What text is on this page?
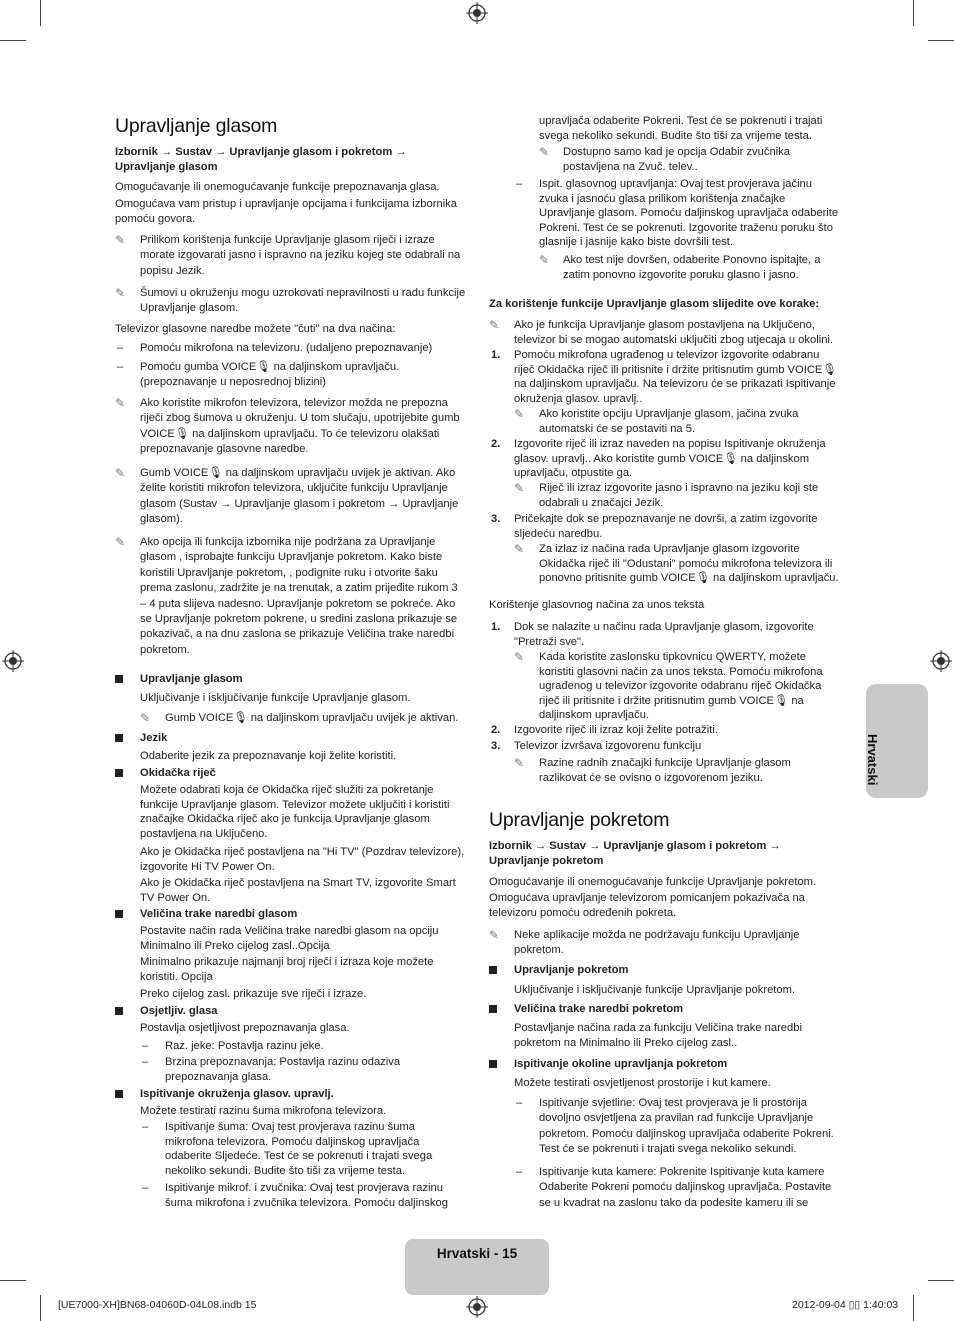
Upravljanje glasom
Izbornik → Sustav → Upravljanje glasom i pokretom → Upravljanje glasom
Omogućavanje ili onemogućavanje funkcije prepoznavanja glasa.
Omogućava vam pristup i upravljanje opcijama i funkcijama izbornika pomoću govora.
✎	Prilikom korištenja funkcije Upravljanje glasom riječi i izraze morate izgovarati jasno i ispravno na jeziku kojeg ste odabrali na popisu Jezik.
✎	Šumovi u okruženju mogu uzrokovati nepravilnosti u radu funkcije Upravljanje glasom.
Televizor glasovne naredbe možete "čuti" na dva načina:
– Pomoću mikrofona na televizoru. (udaljeno prepoznavanje)
– Pomoću gumba VOICE🎙 na daljinskom upravljaču. (prepoznavanje u neposrednoj blizini)
✎	Ako koristite mikrofon televizora, televizor možda ne prepozna riječi zbog šumova u okruženju. U tom slučaju, upotrijebite gumb VOICE🎙 na daljinskom upravljaču. To će televizoru olakšati prepoznavanje glasovne naredbe.
✎	Gumb VOICE🎙 na daljinskom upravljaču uvijek je aktivan. Ako želite koristiti mikrofon televizora, uključite funkciju Upravljanje glasom (Sustav → Upravljanje glasom i pokretom → Upravljanje glasom).
✎	Ako opcija ili funkcija izbornika nije podržana za Upravljanje glasom , isprobajte funkciju Upravljanje pokretom. Kako biste koristili Upravljanje pokretom, , podignite ruku i otvorite šaku prema zaslonu, zadržite je na trenutak, a zatim prijeđite rukom 3 – 4 puta slijeva nadesno. Upravljanje pokretom se pokreće. Ako se Upravljanje pokretom pokrene, u sredini zaslona prikazuje se pokazivač, a na dnu zaslona se prikazuje Veličina trake naredbi pokretom.
Upravljanje glasom
Uključivanje i isključivanje funkcije Upravljanje glasom.
✎	Gumb VOICE🎙 na daljinskom upravljaču uvijek je aktivan.
Jezik
Odaberite jezik za prepoznavanje koji želite koristiti.
Okidačka riječ
Možete odabrati koja će Okidačka riječ služiti za pokretanje funkcije Upravljanje glasom. Televizor možete uključiti i koristiti značajke Okidačka riječ ako je funkcija Upravljanje glasom postavljena na Uključeno.
Ako je Okidačka riječ postavljena na "Hi TV" (Pozdrav televizore), izgovorite Hi TV Power On.
Ako je Okidačka riječ postavljena na Smart TV, izgovorite Smart TV Power On.
Veličina trake naredbi glasom
Postavite način rada Veličina trake naredbi glasom na opciju Minimalno ili Preko cijelog zasl..Opcija
Minimalno prikazuje najmanji broj riječi i izraza koje možete koristiti. Opcija
Preko cijelog zasl. prikazuje sve riječi i izraze.
Osjetljiv. glasa
Postavlja osjetljivost prepoznavanja glasa.
– Raz. jeke: Postavlja razinu jeke.
– Brzina prepoznavanja: Postavlja razinu odaziva prepoznavanja glasa.
Ispitivanje okruženja glasov. upravlj.
Možete testirati razinu šuma mikrofona televizora.
– Ispitivanje šuma: Ovaj test provjerava razinu šuma mikrofona televizora. Pomoću daljinskog upravljača odaberite Sljedeće. Test će se pokrenuti i trajati svega nekoliko sekundi. Budite što tiši za vrijeme testa.
– Ispitivanje mikrof. i zvučnika: Ovaj test provjerava razinu šuma mikrofona i zvučnika televizora. Pomoću daljinskog
upravljača odaberite Pokreni. Test će se pokrenuti i trajati svega nekoliko sekundi. Budite što tiši za vrijeme testa.
✎	Dostupno samo kad je opcija Odabir zvučnika postavljena na Zvuč. telev..
– Ispit. glasovnog upravljanja: Ovaj test provjerava jačinu zvuka i jasnoću glasa prilikom korištenja značajke Upravljanje glasom. Pomoću daljinskog upravljača odaberite Pokreni. Test će se pokrenuti. Izgovorite traženu poruku što glasnije i jasnije kako biste dovršili test.
✎	Ako test nije dovršen, odaberite Ponovno ispitajte, a zatim ponovno izgovorite poruku glasno i jasno.
Za korištenje funkcije Upravljanje glasom slijedite ove korake:
✎	Ako je funkcija Upravljanje glasom postavljena na Uključeno, televizor bi se mogao automatski uključiti zbog utjecaja u okolini.
1. Pomoću mikrofona ugrađenog u televizor izgovorite odabranu riječ Okidačka riječ ili pritisnite i držite pritisnutim gumb VOICE🎙 na daljinskom upravljaču. Na televizoru će se prikazati Ispitivanje okruženja glasov. upravlj..
✎	Ako koristite opciju Upravljanje glasom, jačina zvuka automatski će se postaviti na 5.
2. Izgovorite riječ ili izraz naveden na popisu Ispitivanje okruženja glasov. upravlj.. Ako koristite gumb VOICE🎙 na daljinskom upravljaču, otpustite ga.
✎	Riječ ili izraz izgovorite jasno i ispravno na jeziku koji ste odabrali u značajci Jezik.
3. Pričekajte dok se prepoznavanje ne dovrši, a zatim izgovorite sljedeću naredbu.
✎	Za izlaz iz načina rada Upravljanje glasom izgovorite Okidačka riječ ili "Odustani" pomoću mikrofona televizora ili ponovno pritisnite gumb VOICE🎙 na daljinskom upravljaču.
Korištenje glasovnog načina za unos teksta
1. Dok se nalazite u načinu rada Upravljanje glasom, izgovorite "Pretraži sve".
✎	Kada koristite zaslonsku tipkovnicu QWERTY, možete koristiti glasovni način za unos teksta. Pomoću mikrofona ugrađenog u televizor izgovorite odabranu riječ Okidačka riječ ili pritisnite i držite pritisnutim gumb VOICE🎙 na daljinskom upravljaču.
2. Izgovorite riječ ili izraz koji želite potražiti.
3. Televizor izvršava izgovorenu funkciju
✎	Razine radnih značajki funkcije Upravljanje glasom razlikovat će se ovisno o izgovorenom jeziku.
Upravljanje pokretom
Izbornik → Sustav → Upravljanje glasom i pokretom → Upravljanje pokretom
Omogućavanje ili onemogućavanje funkcije Upravljanje pokretom.
Omogućava upravljanje televizorom pomicanjem pokazivača na televizoru pomoću određenih pokreta.
✎	Neke aplikacije možda ne podržavaju funkciju Upravljanje pokretom.
Upravljanje pokretom
Uključivanje i isključivanje funkcije Upravljanje pokretom.
Veličina trake naredbi pokretom
Postavljanje načina rada za funkciju Veličina trake naredbi pokretom na Minimalno ili Preko cijelog zasl..
Ispitivanje okoline upravljanja pokretom
Možete testirati osvjetljenost prostorije i kut kamere.
– Ispitivanje svjetline: Ovaj test provjerava je li prostorija dovoljno osvjetljena za pravilan rad funkcije Upravljanje pokretom. Pomoću daljinskog upravljača odaberite Pokreni. Test će se pokrenuti i trajati svega nekoliko sekundi.
– Ispitivanje kuta kamere: Pokrenite Ispitivanje kuta kamere Odaberite Pokreni pomoću daljinskog upravljača. Postavite se u kvadrat na zaslonu tako da podesite kameru ili se
Hrvatski
Hrvatski - 15
[UE7000-XH]BN68-04060D-04L08.indb 15	2012-09-04 ▯▯ 1:40:03
